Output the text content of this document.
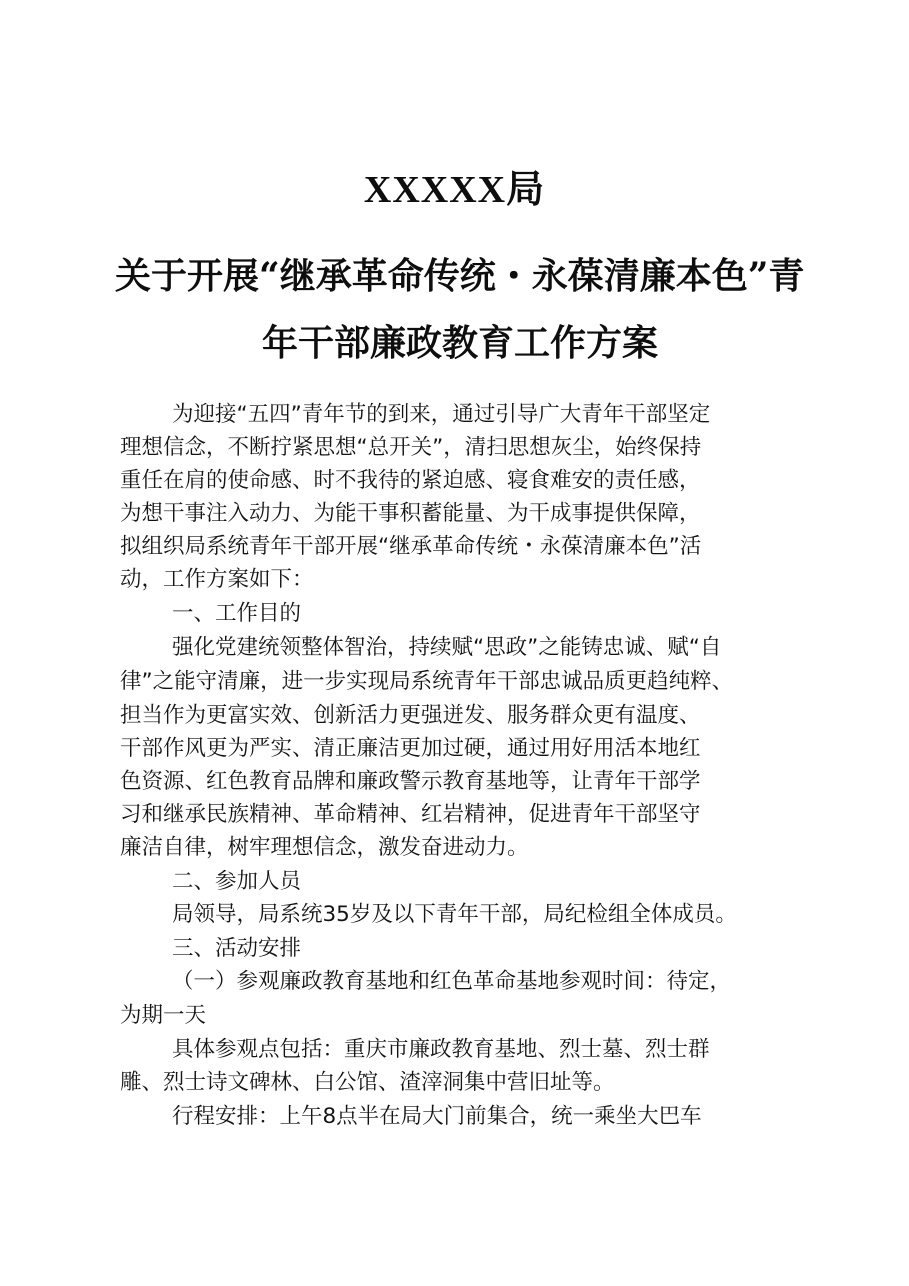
XXXXX局
关于开展“继承革命传统・永葆清廉本色”青
年干部廉政教育工作方案
为迎接“五四”青年节的到来，通过引导广大青年干部坚定
理想信念，不断拧紧思想“总开关”，清扫思想灰尘，始终保持
重任在肩的使命感、时不我待的紧迫感、寝食难安的责任感，
为想干事注入动力、为能干事积蓄能量、为干成事提供保障，
拟组织局系统青年干部开展“继承革命传统・永葆清廉本色”活
动，工作方案如下：
一、工作目的
强化党建统领整体智治，持续赋“思政”之能铸忠诚、赋“自
律”之能守清廉，进一步实现局系统青年干部忠诚品质更趋纯粹、
担当作为更富实效、创新活力更强迸发、服务群众更有温度、
干部作风更为严实、清正廉洁更加过硬，通过用好用活本地红
色资源、红色教育品牌和廉政警示教育基地等，让青年干部学
习和继承民族精神、革命精神、红岩精神，促进青年干部坚守
廉洁自律，树牢理想信念，激发奋进动力。
二、参加人员
局领导，局系统35岁及以下青年干部，局纪检组全体成员。
三、活动安排
（一）参观廉政教育基地和红色革命基地参观时间：待定，
为期一天
具体参观点包括：重庆市廉政教育基地、烈士墓、烈士群
雕、烈士诗文碑林、白公馆、渣滓洞集中营旧址等。
行程安排：上午8点半在局大门前集合，统一乘坐大巴车
